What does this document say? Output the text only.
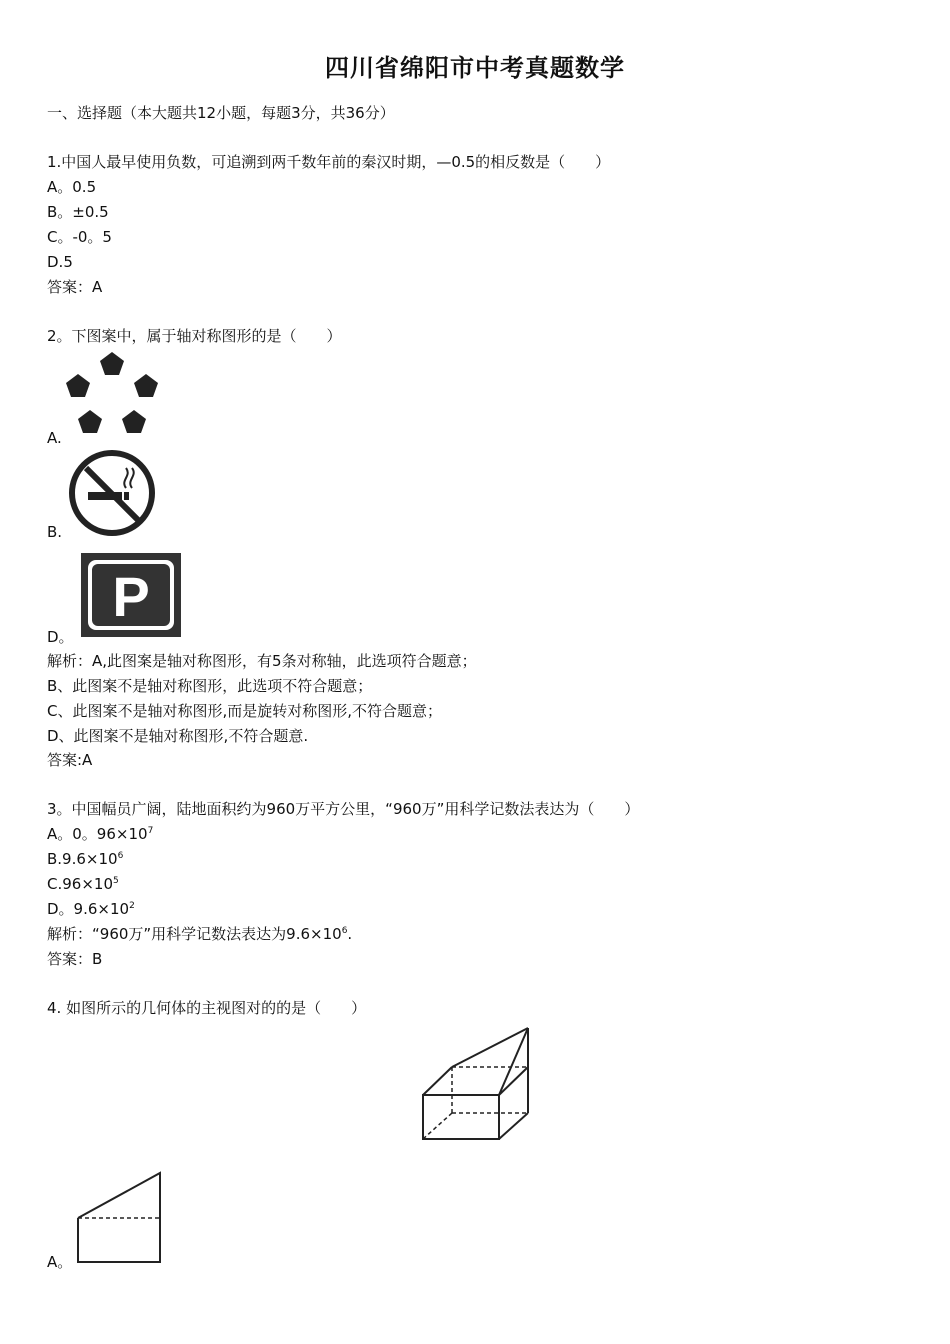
四川省绵阳市中考真题数学
一、选择题（本大题共12小题，每题3分，共36分）
1.中国人最早使用负数，可追溯到两千数年前的秦汉时期，—0.5的相反数是（　　）
A。0.5
B。±0.5
C。-0。5
D.5
答案：A
2。下图案中，属于轴对称图形的是（　　）
A.
B.
P
D。
解析：A,此图案是轴对称图形，有5条对称轴，此选项符合题意；
B、此图案不是轴对称图形，此选项不符合题意；
C、此图案不是轴对称图形,而是旋转对称图形,不符合题意；
D、此图案不是轴对称图形,不符合题意.
答案:A
3。中国幅员广阔，陆地面积约为960万平方公里，“960万”用科学记数法表达为（　　）
A。0。$96\times 10^7$
$B.9.6\times 10^6$
$C.96\times 10^5$
D。$9.6\times 10^2$
解析：“960万”用科学记数法表达为$9.6\times 10^6$.
答案：B
4. 如图所示的几何体的主视图对的的是（　　）
A。
